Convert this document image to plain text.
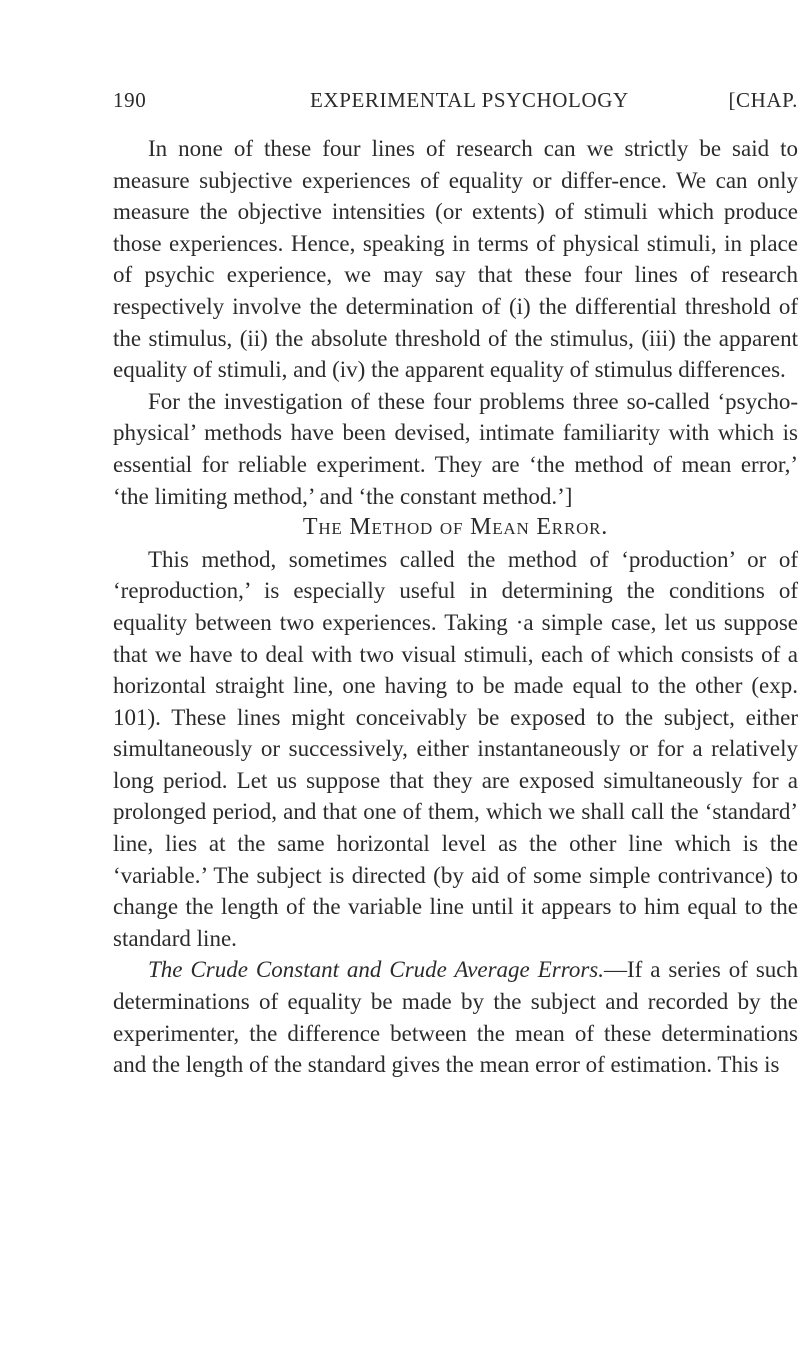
190	EXPERIMENTAL PSYCHOLOGY	[CHAP.

In none of these four lines of research can we strictly be said to measure subjective experiences of equality or differ-ence. We can only measure the objective intensities (or extents) of stimuli which produce those experiences. Hence, speaking in terms of physical stimuli, in place of psychic experience, we may say that these four lines of research respectively involve the determination of (i) the differential threshold of the stimulus, (ii) the absolute threshold of the stimulus, (iii) the apparent equality of stimuli, and (iv) the apparent equality of stimulus differences.

For the investigation of these four problems three so-called ‘psycho-physical’ methods have been devised, intimate familiarity with which is essential for reliable experiment. They are ‘the method of mean error,’ ‘the limiting method,’ and ‘the constant method.’]

The Method of Mean Error.

This method, sometimes called the method of ‘production’ or of ‘reproduction,’ is especially useful in determining the conditions of equality between two experiences. Taking ·a simple case, let us suppose that we have to deal with two visual stimuli, each of which consists of a horizontal straight line, one having to be made equal to the other (exp. 101). These lines might conceivably be exposed to the subject, either simultaneously or successively, either instantaneously or for a relatively long period. Let us suppose that they are exposed simultaneously for a prolonged period, and that one of them, which we shall call the ‘standard’ line, lies at the same horizontal level as the other line which is the ‘variable.’ The subject is directed (by aid of some simple contrivance) to change the length of the variable line until it appears to him equal to the standard line.

The Crude Constant and Crude Average Errors.—If a series of such determinations of equality be made by the subject and recorded by the experimenter, the difference between the mean of these determinations and the length of the standard gives the mean error of estimation. This is
